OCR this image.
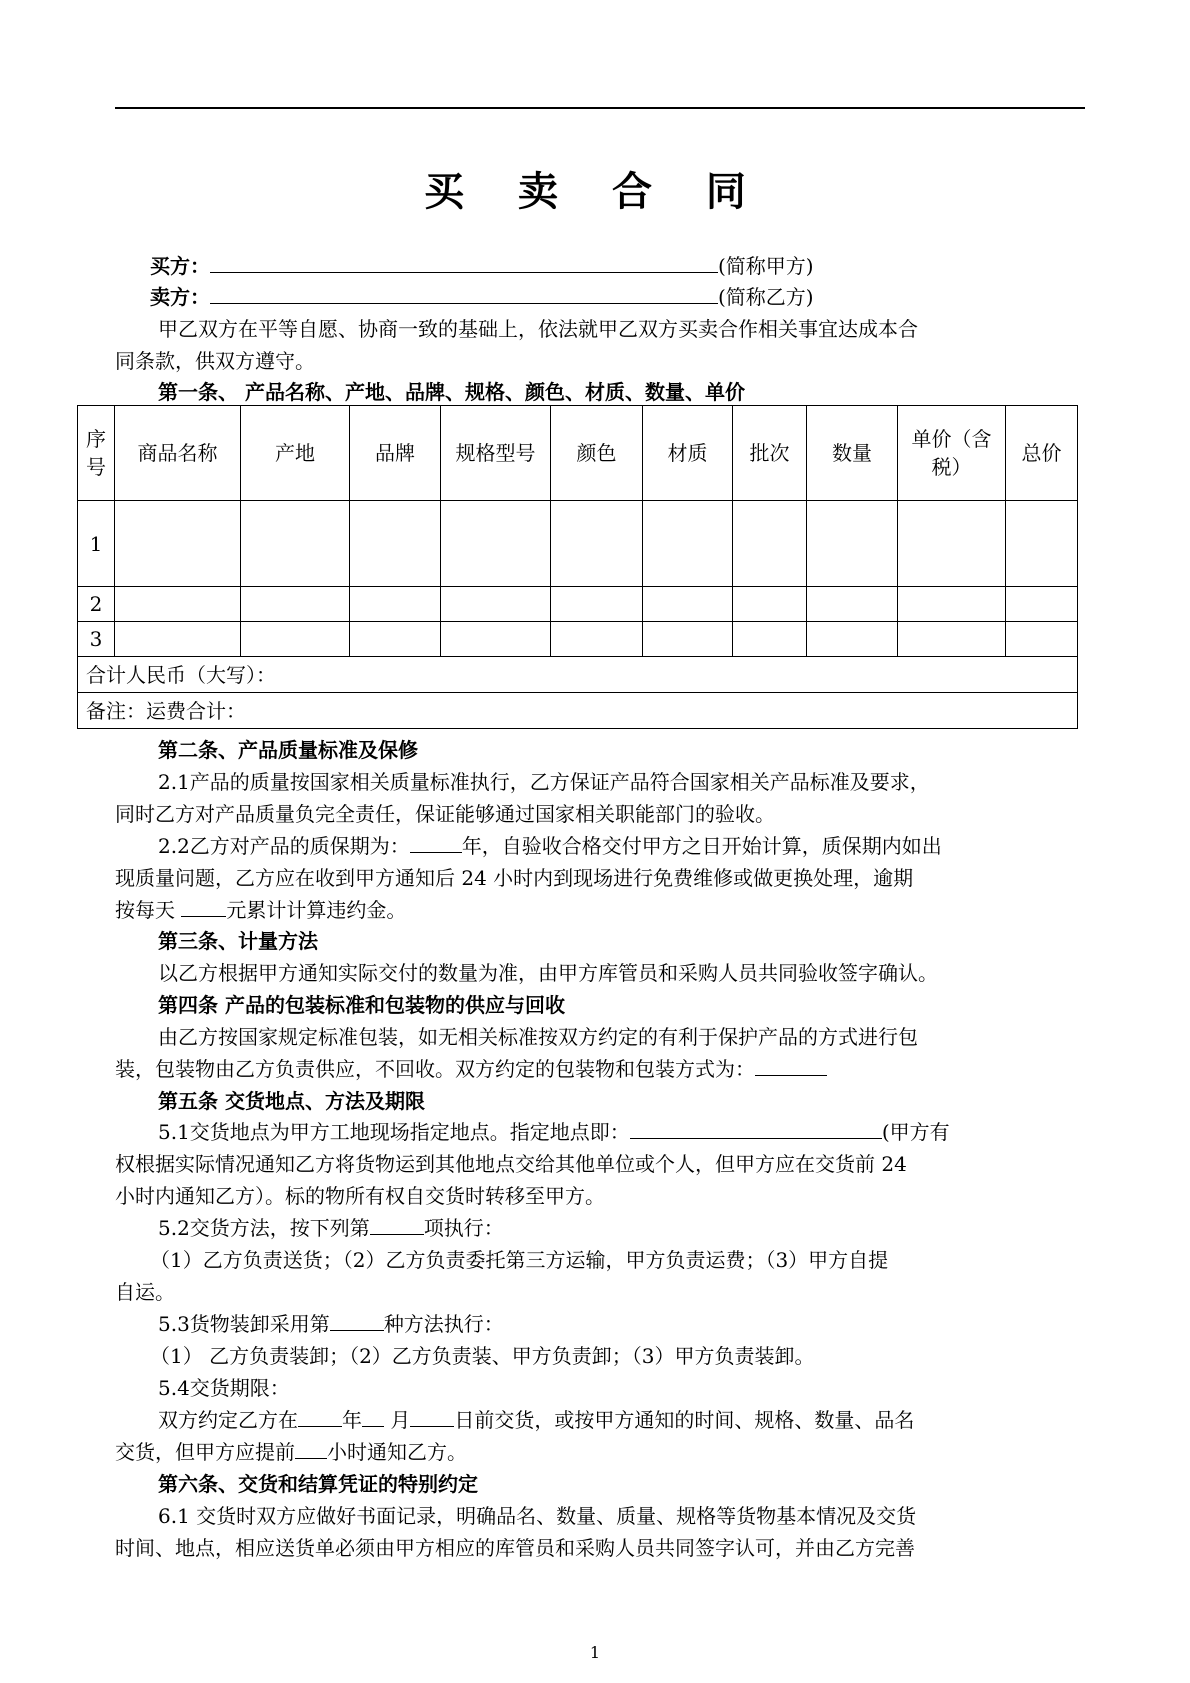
买 卖 合 同
买方：	(简称甲方)
卖方：	(简称乙方)
甲乙双方在平等自愿、协商一致的基础上，依法就甲乙双方买卖合作相关事宜达成本合
同条款，供双方遵守。
第一条、 产品名称、产地、品牌、规格、颜色、材质、数量、单价
序号	商品名称	产地	品牌	规格型号	颜色	材质	批次	数量	单价（含税）	总价
1										
2										
3										
合计人民币（大写）：										
备注：运费合计：										
第二条、产品质量标准及保修
2.1产品的质量按国家相关质量标准执行，乙方保证产品符合国家相关产品标准及要求，
同时乙方对产品质量负完全责任，保证能够通过国家相关职能部门的验收。
2.2乙方对产品的质保期为：	年，自验收合格交付甲方之日开始计算，质保期内如出
现质量问题，乙方应在收到甲方通知后 24 小时内到现场进行免费维修或做更换处理，逾期
按每天 元累计计算违约金。
第三条、计量方法
以乙方根据甲方通知实际交付的数量为准，由甲方库管员和采购人员共同验收签字确认。
第四条 产品的包装标准和包装物的供应与回收
由乙方按国家规定标准包装，如无相关标准按双方约定的有利于保护产品的方式进行包
装，包装物由乙方负责供应，不回收。双方约定的包装物和包装方式为：
第五条 交货地点、方法及期限
5.1交货地点为甲方工地现场指定地点。指定地点即：	(甲方有
权根据实际情况通知乙方将货物运到其他地点交给其他单位或个人，但甲方应在交货前 24
小时内通知乙方）。标的物所有权自交货时转移至甲方。
5.2交货方法，按下列第	项执行：
（1）乙方负责送货；（2）乙方负责委托第三方运输，甲方负责运费；（3）甲方自提
自运。
5.3货物装卸采用第	种方法执行：
（1） 乙方负责装卸；（2）乙方负责装、甲方负责卸；（3）甲方负责装卸。
5.4交货期限：
双方约定乙方在 年 月 日前交货，或按甲方通知的时间、规格、数量、品名
交货，但甲方应提前 小时通知乙方。
第六条、交货和结算凭证的特别约定
6.1 交货时双方应做好书面记录，明确品名、数量、质量、规格等货物基本情况及交货
时间、地点，相应送货单必须由甲方相应的库管员和采购人员共同签字认可，并由乙方完善
1
